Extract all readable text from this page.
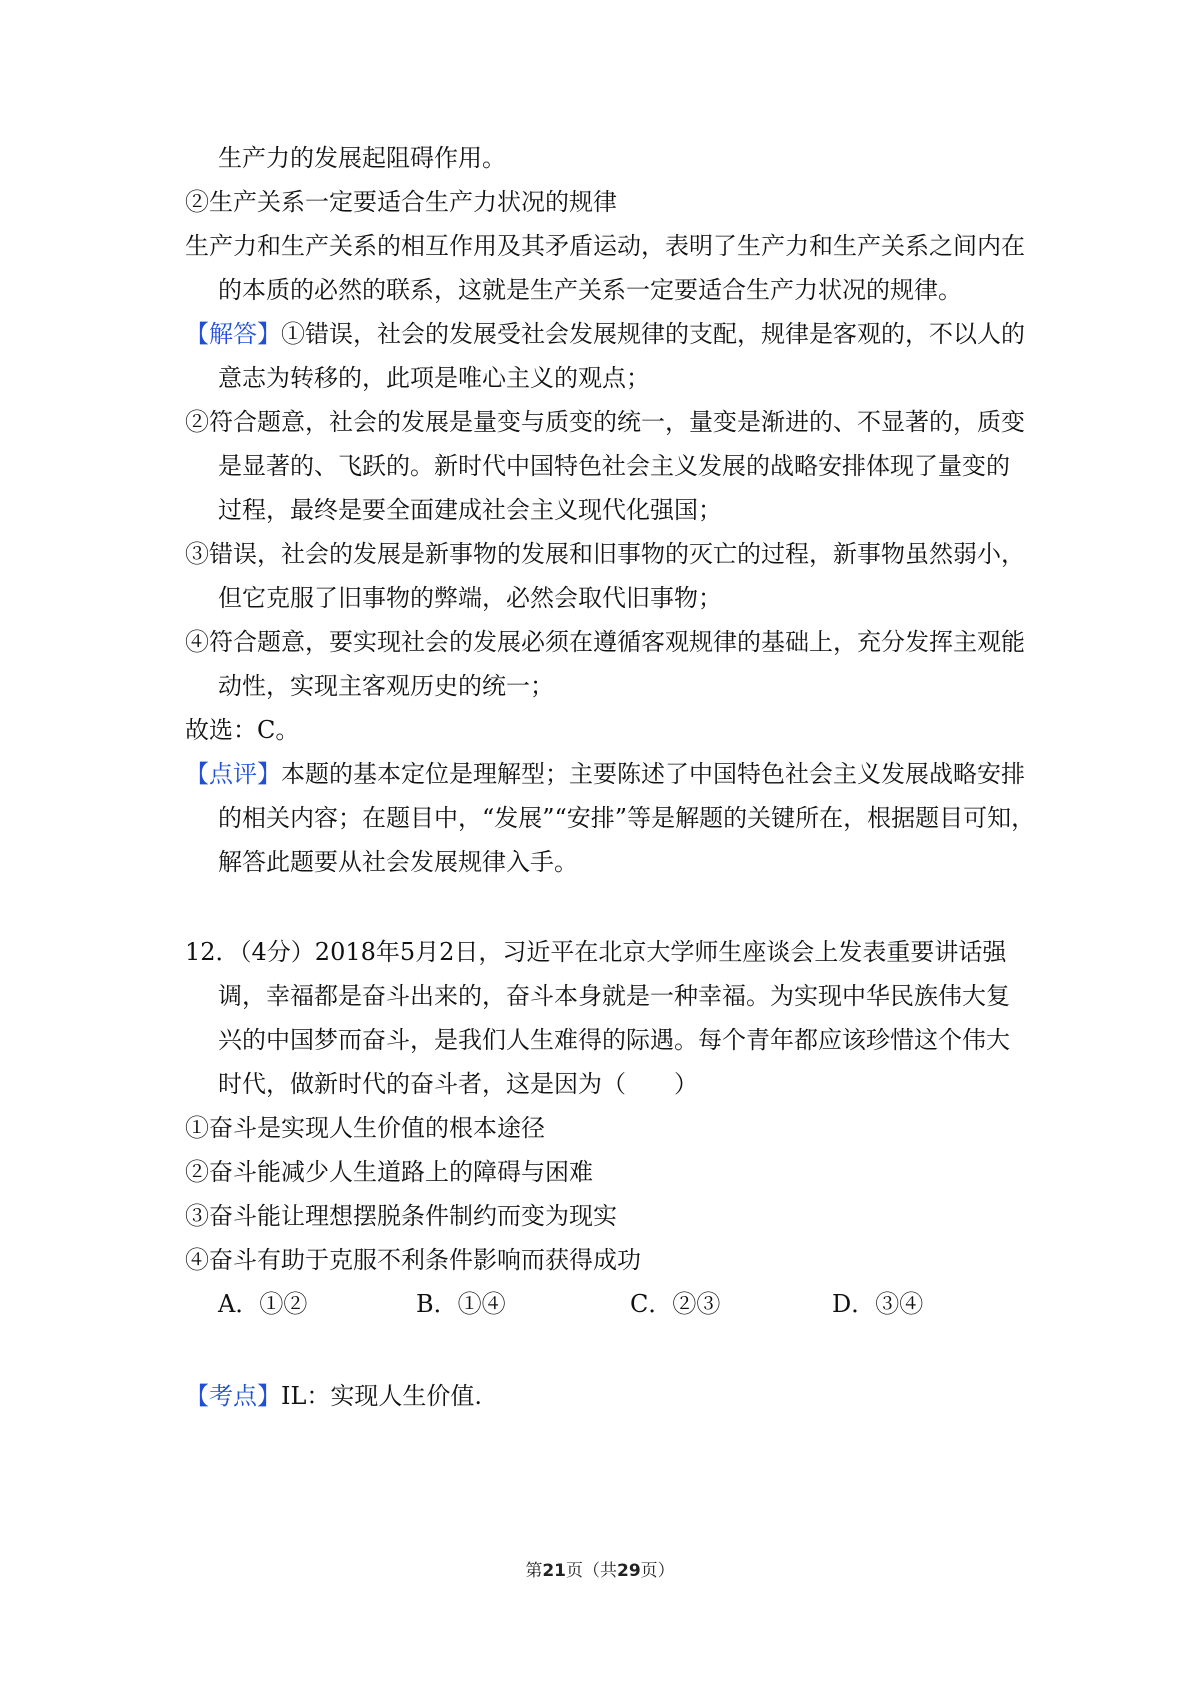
生产力的发展起阻碍作用。
②生产关系一定要适合生产力状况的规律
生产力和生产关系的相互作用及其矛盾运动，表明了生产力和生产关系之间内在
的本质的必然的联系，这就是生产关系一定要适合生产力状况的规律。
【解答】①错误，社会的发展受社会发展规律的支配，规律是客观的，不以人的
意志为转移的，此项是唯心主义的观点；
②符合题意，社会的发展是量变与质变的统一，量变是渐进的、不显著的，质变
是显著的、飞跃的。新时代中国特色社会主义发展的战略安排体现了量变的
过程，最终是要全面建成社会主义现代化强国；
③错误，社会的发展是新事物的发展和旧事物的灭亡的过程，新事物虽然弱小，
但它克服了旧事物的弊端，必然会取代旧事物；
④符合题意，要实现社会的发展必须在遵循客观规律的基础上，充分发挥主观能
动性，实现主客观历史的统一；
故选：C。
【点评】本题的基本定位是理解型；主要陈述了中国特色社会主义发展战略安排
的相关内容；在题目中，“发展”“安排”等是解题的关键所在，根据题目可知，
解答此题要从社会发展规律入手。
12．（4分）2018年5月2日，习近平在北京大学师生座谈会上发表重要讲话强
调，幸福都是奋斗出来的，奋斗本身就是一种幸福。为实现中华民族伟大复
兴的中国梦而奋斗，是我们人生难得的际遇。每个青年都应该珍惜这个伟大
时代，做新时代的奋斗者，这是因为（　　）
①奋斗是实现人生价值的根本途径
②奋斗能减少人生道路上的障碍与困难
③奋斗能让理想摆脱条件制约而变为现实
④奋斗有助于克服不利条件影响而获得成功
A．①②	B．①④	C．②③	D．③④
【考点】IL：实现人生价值.
第21页（共29页）
